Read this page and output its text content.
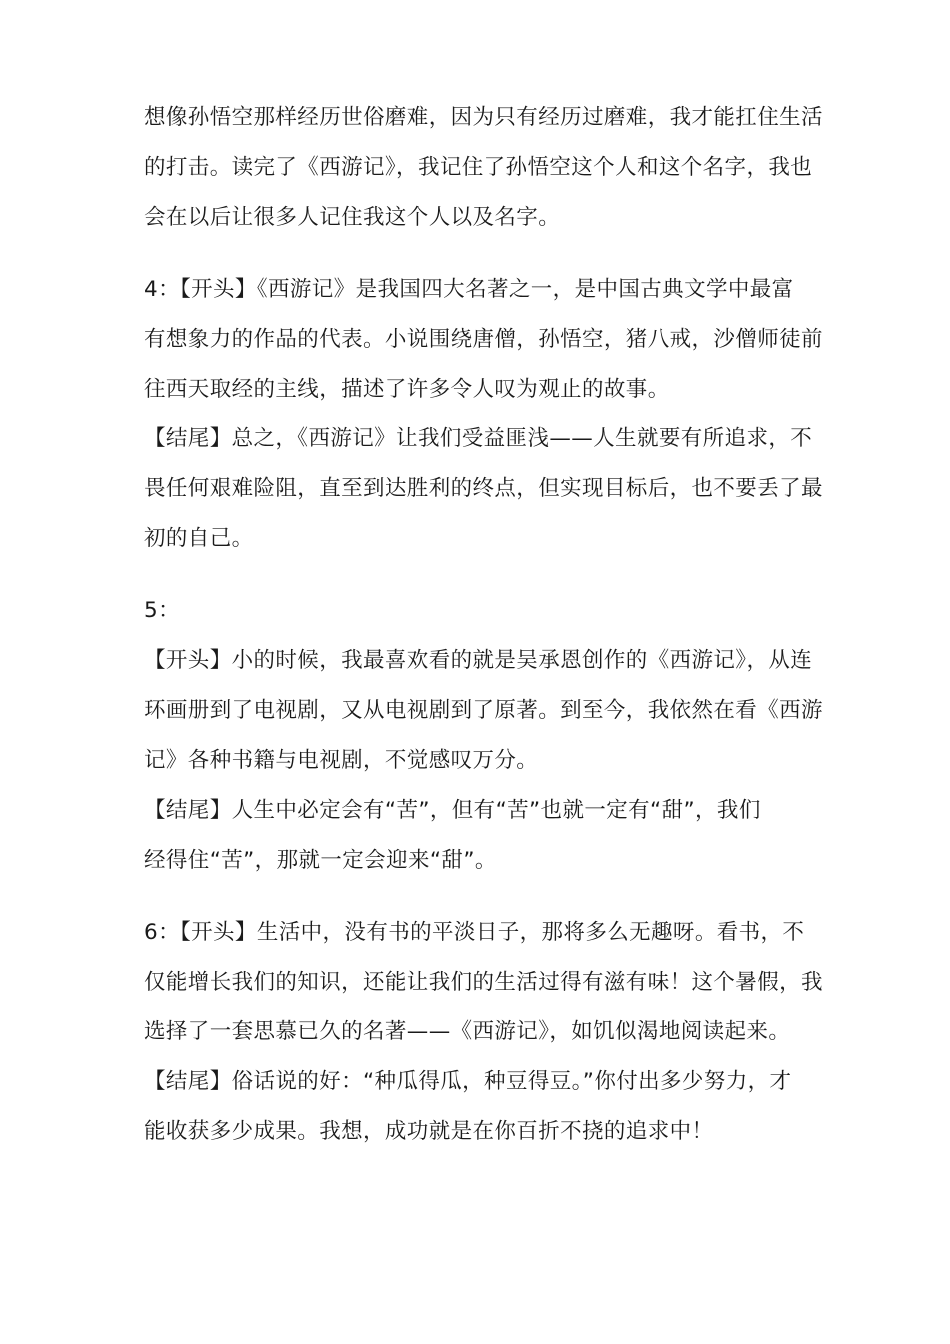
想像孙悟空那样经历世俗磨难，因为只有经历过磨难，我才能扛住生活
的打击。读完了《西游记》，我记住了孙悟空这个人和这个名字，我也
会在以后让很多人记住我这个人以及名字。
4：【开头】《西游记》是我国四大名著之一，是中国古典文学中最富
有想象力的作品的代表。小说围绕唐僧，孙悟空，猪八戒，沙僧师徒前
往西天取经的主线，描述了许多令人叹为观止的故事。
【结尾】总之，《西游记》让我们受益匪浅——人生就要有所追求，不
畏任何艰难险阻，直至到达胜利的终点，但实现目标后，也不要丢了最
初的自己。
5：
【开头】小的时候，我最喜欢看的就是吴承恩创作的《西游记》，从连
环画册到了电视剧，又从电视剧到了原著。到至今，我依然在看《西游
记》各种书籍与电视剧，不觉感叹万分。
【结尾】人生中必定会有“苦”，但有“苦”也就一定有“甜”，我们
经得住“苦”，那就一定会迎来“甜”。
6：【开头】生活中，没有书的平淡日子，那将多么无趣呀。看书，不
仅能增长我们的知识，还能让我们的生活过得有滋有味！这个暑假，我
选择了一套思慕已久的名著——《西游记》，如饥似渴地阅读起来。
【结尾】俗话说的好：“种瓜得瓜，种豆得豆。”你付出多少努力，才
能收获多少成果。我想，成功就是在你百折不挠的追求中！
